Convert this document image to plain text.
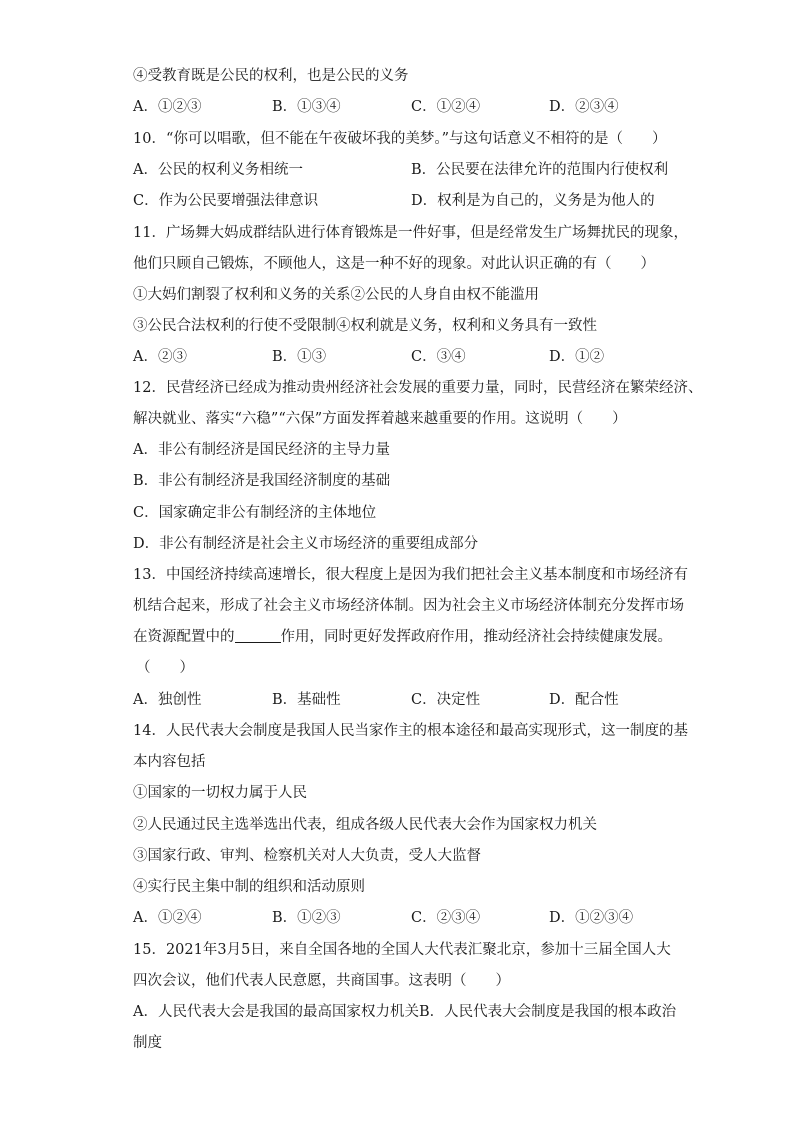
④受教育既是公民的权利，也是公民的义务
A．①②③	B．①③④	C．①②④	D．②③④
10．“你可以唱歌，但不能在午夜破坏我的美梦。”与这句话意义不相符的是（　　）
A．公民的权利义务相统一	B．公民要在法律允许的范围内行使权利
C．作为公民要增强法律意识	D．权利是为自己的，义务是为他人的
11．广场舞大妈成群结队进行体育锻炼是一件好事，但是经常发生广场舞扰民的现象，
他们只顾自己锻炼，不顾他人，这是一种不好的现象。对此认识正确的有（　　）
①大妈们割裂了权利和义务的关系②公民的人身自由权不能滥用
③公民合法权利的行使不受限制④权利就是义务，权利和义务具有一致性
A．②③	B．①③	C．③④	D．①②
12．民营经济已经成为推动贵州经济社会发展的重要力量，同时，民营经济在繁荣经济、
解决就业、落实“六稳”“六保”方面发挥着越来越重要的作用。这说明（　　）
A．非公有制经济是国民经济的主导力量
B．非公有制经济是我国经济制度的基础
C．国家确定非公有制经济的主体地位
D．非公有制经济是社会主义市场经济的重要组成部分
13．中国经济持续高速增长，很大程度上是因为我们把社会主义基本制度和市场经济有
机结合起来，形成了社会主义市场经济体制。因为社会主义市场经济体制充分发挥市场
在资源配置中的	作用，同时更好发挥政府作用，推动经济社会持续健康发展。
（　　）
A．独创性	B．基础性	C．决定性	D．配合性
14．人民代表大会制度是我国人民当家作主的根本途径和最高实现形式，这一制度的基
本内容包括
①国家的一切权力属于人民
②人民通过民主选举选出代表，组成各级人民代表大会作为国家权力机关
③国家行政、审判、检察机关对人大负责，受人大监督
④实行民主集中制的组织和活动原则
A．①②④	B．①②③	C．②③④	D．①②③④
15．2021年3月5日，来自全国各地的全国人大代表汇聚北京，参加十三届全国人大
四次会议，他们代表人民意愿，共商国事。这表明（　　）
A．人民代表大会是我国的最高国家权力机关B．人民代表大会制度是我国的根本政治
制度
